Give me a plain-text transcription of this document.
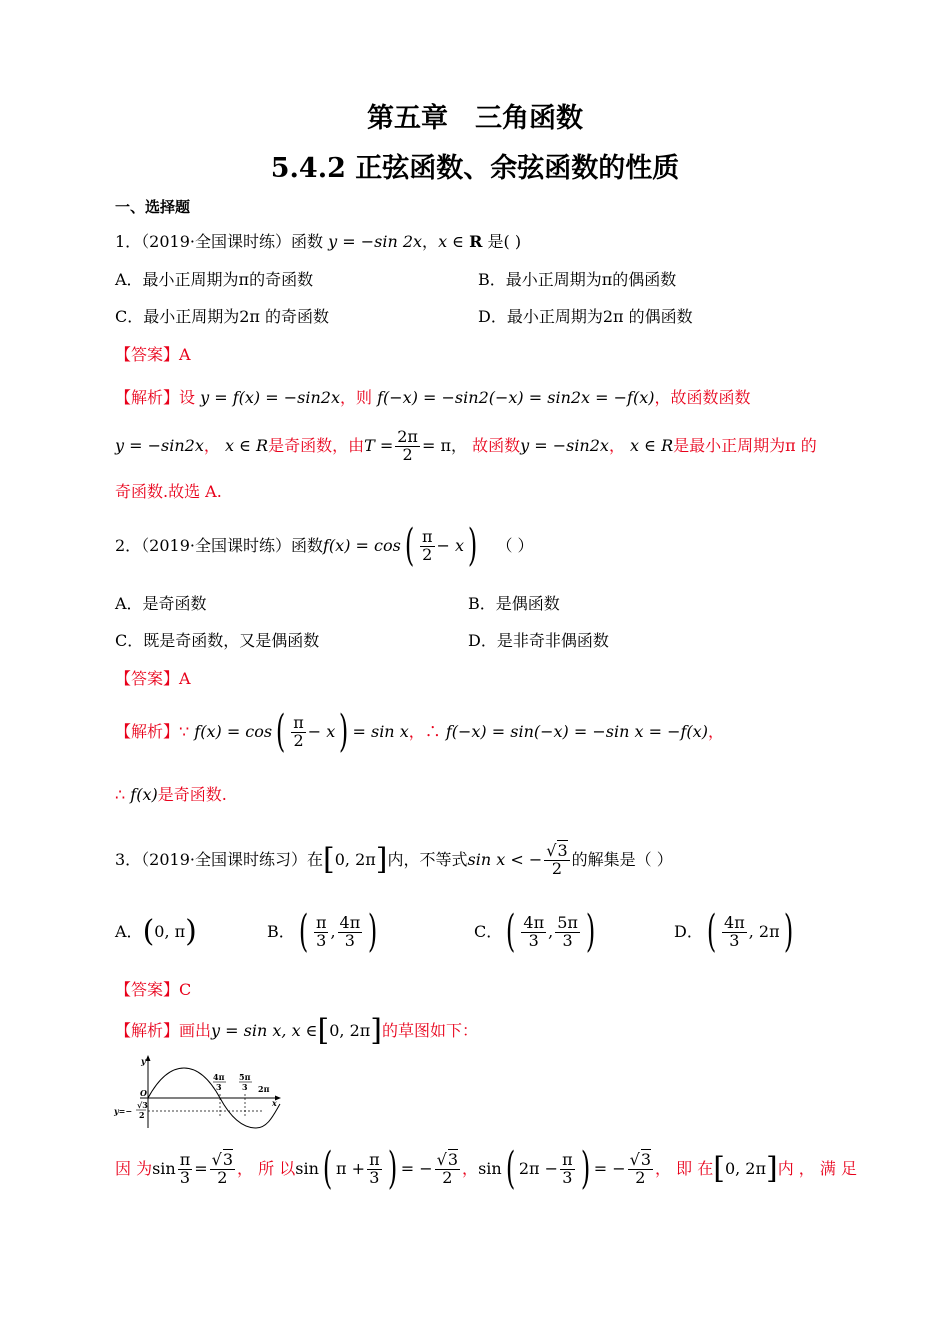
第五章　三角函数
5.4.2 正弦函数、余弦函数的性质
一、选择题
1．（2019·全国课时练）函数 y = −sin 2x，x ∈ R 是( )
A．最小正周期为π的奇函数	B．最小正周期为π的偶函数
C．最小正周期为2π 的奇函数	D．最小正周期为2π 的偶函数
【答案】A
【解析】设 y = f(x) = −sin2x，则 f(−x) = −sin2(−x) = sin2x = −f(x)，故函数函数
y = −sin2x ，
x ∈ R 是奇函数，由 $T = \frac{2\pi}{2} = \pi$，
故函数 y = −sin2x ，
x ∈ R 是最小正周期为π 的
奇函数.故选 A.
2．（2019·全国课时练）函数 f(x) = cos ( $\frac{\pi}{2} - x$ )
（ ）
A．是奇函数	B．是偶函数
C．既是奇函数，又是偶函数	D．是非奇非偶函数
【答案】A
【解析】 ∵
f(x) = cos ( $\frac{\pi}{2} - x$ ) = sin x ，∴
f(−x) = sin(−x) = −sin x = −f(x) ，
∴ f(x)是奇函数.
3．（2019·全国课时练习）在 [ 0, 2π ] 内，不等式 sin x < − $\frac{√3}{2}$ 的解集是（ ）
A． ( 0, π )	B． ( $\frac{\pi}{3}$ , $\frac{4\pi}{3}$ )	C． ( $\frac{4\pi}{3}$ , $\frac{5\pi}{3}$ )	D． ( $\frac{4\pi}{3}$ , 2π )
【答案】C
【解析】 画出 y = sin x, x ∈ [ 0, 2π ] 的草图如下：
y
O
x
4π
3
5π
3 2π
y=−
√3
2
因 为 $\sin \frac{\pi}{3} = \frac{√3}{2}$ ， 所 以 sin ( $\pi + \frac{\pi}{3}$ ) = − $\frac{√3}{2}$ ， sin ( $2\pi - \frac{\pi}{3}$ ) = − $\frac{√3}{2}$ ， 即 在 [ 0, 2π ] 内 ， 满 足
